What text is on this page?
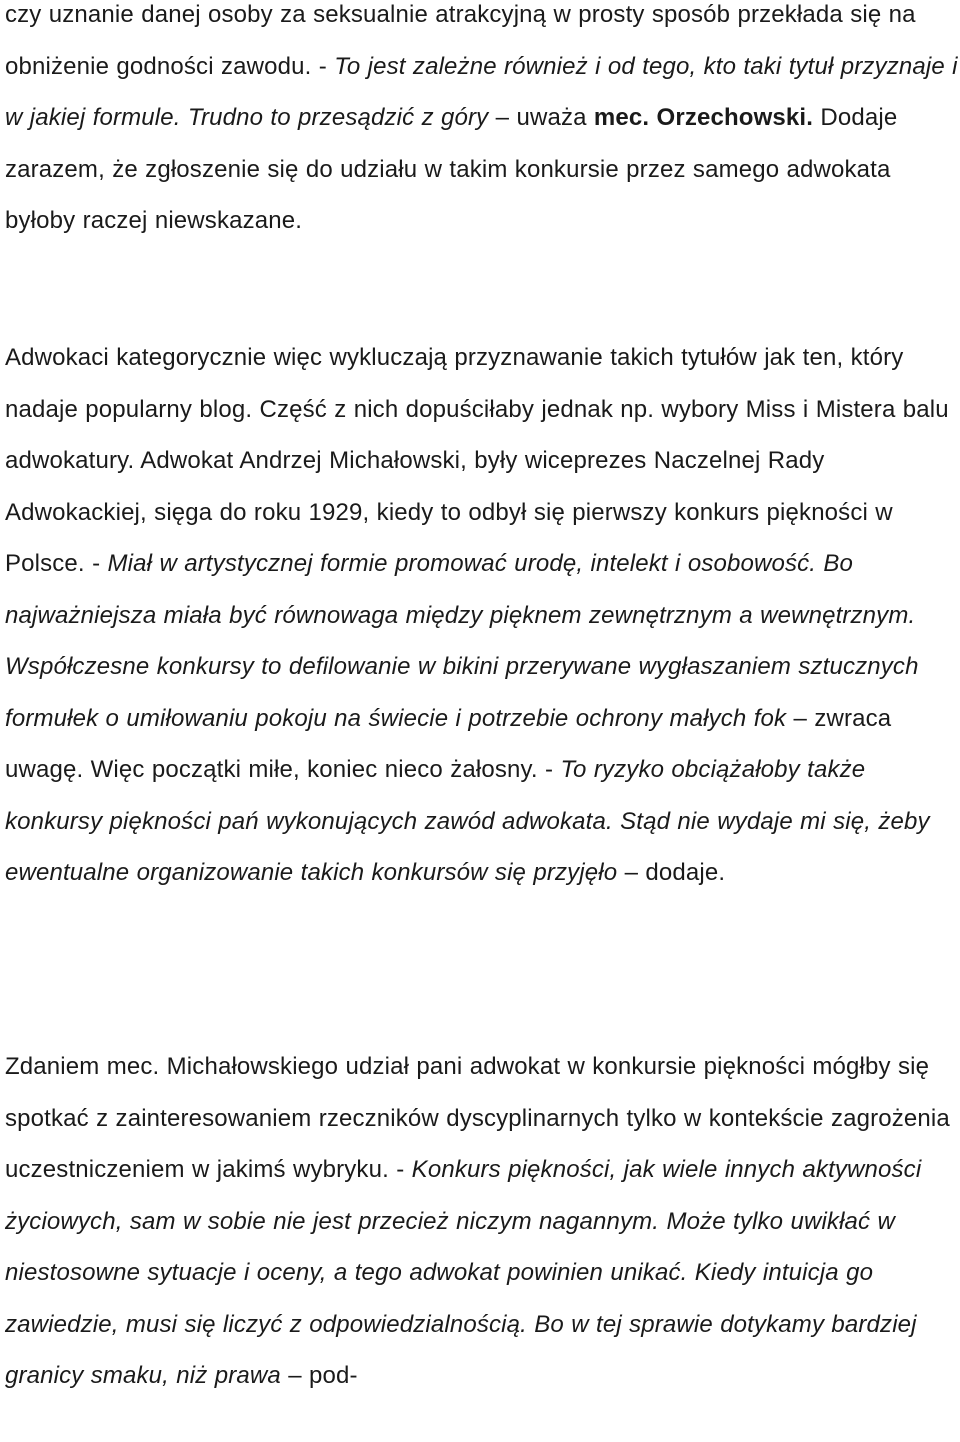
czy uznanie danej osoby za seksualnie atrakcyjną w prosty sposób przekłada się na obniżenie godności zawodu. - To jest zależne również i od tego, kto taki tytuł przyznaje i w jakiej formule. Trudno to przesądzić z góry – uważa mec. Orzechowski. Dodaje zarazem, że zgłoszenie się do udziału w takim konkursie przez samego adwokata byłoby raczej niewskazane.

Adwokaci kategorycznie więc wykluczają przyznawanie takich tytułów jak ten, który nadaje popularny blog. Część z nich dopuściłaby jednak np. wybory Miss i Mistera balu adwokatury. Adwokat Andrzej Michałowski, były wiceprezes Naczelnej Rady Adwokackiej, sięga do roku 1929, kiedy to odbył się pierwszy konkurs piękności w Polsce. - Miał w artystycznej formie promować urodę, intelekt i osobowość. Bo najważniejsza miała być równowaga między pięknem zewnętrznym a wewnętrznym. Współczesne konkursy to defilowanie w bikini przerywane wygłaszaniem sztucznych formułek o umiłowaniu pokoju na świecie i potrzebie ochrony małych fok – zwraca uwagę. Więc początki miłe, koniec nieco żałosny. - To ryzyko obciążałoby także konkursy piękności pań wykonujących zawód adwokata. Stąd nie wydaje mi się, żeby ewentualne organizowanie takich konkursów się przyjęło – dodaje.

Zdaniem mec. Michałowskiego udział pani adwokat w konkursie piękności mógłby się spotkać z zainteresowaniem rzeczników dyscyplinarnych tylko w kontekście zagrożenia uczestniczeniem w jakimś wybryku. - Konkurs piękności, jak wiele innych aktywności życiowych, sam w sobie nie jest przecież niczym nagannym. Może tylko uwikłać w niestosowne sytuacje i oceny, a tego adwokat powinien unikać. Kiedy intuicja go zawiedzie, musi się liczyć z odpowiedzialnością. Bo w tej sprawie dotykamy bardziej granicy smaku, niż prawa – pod-
